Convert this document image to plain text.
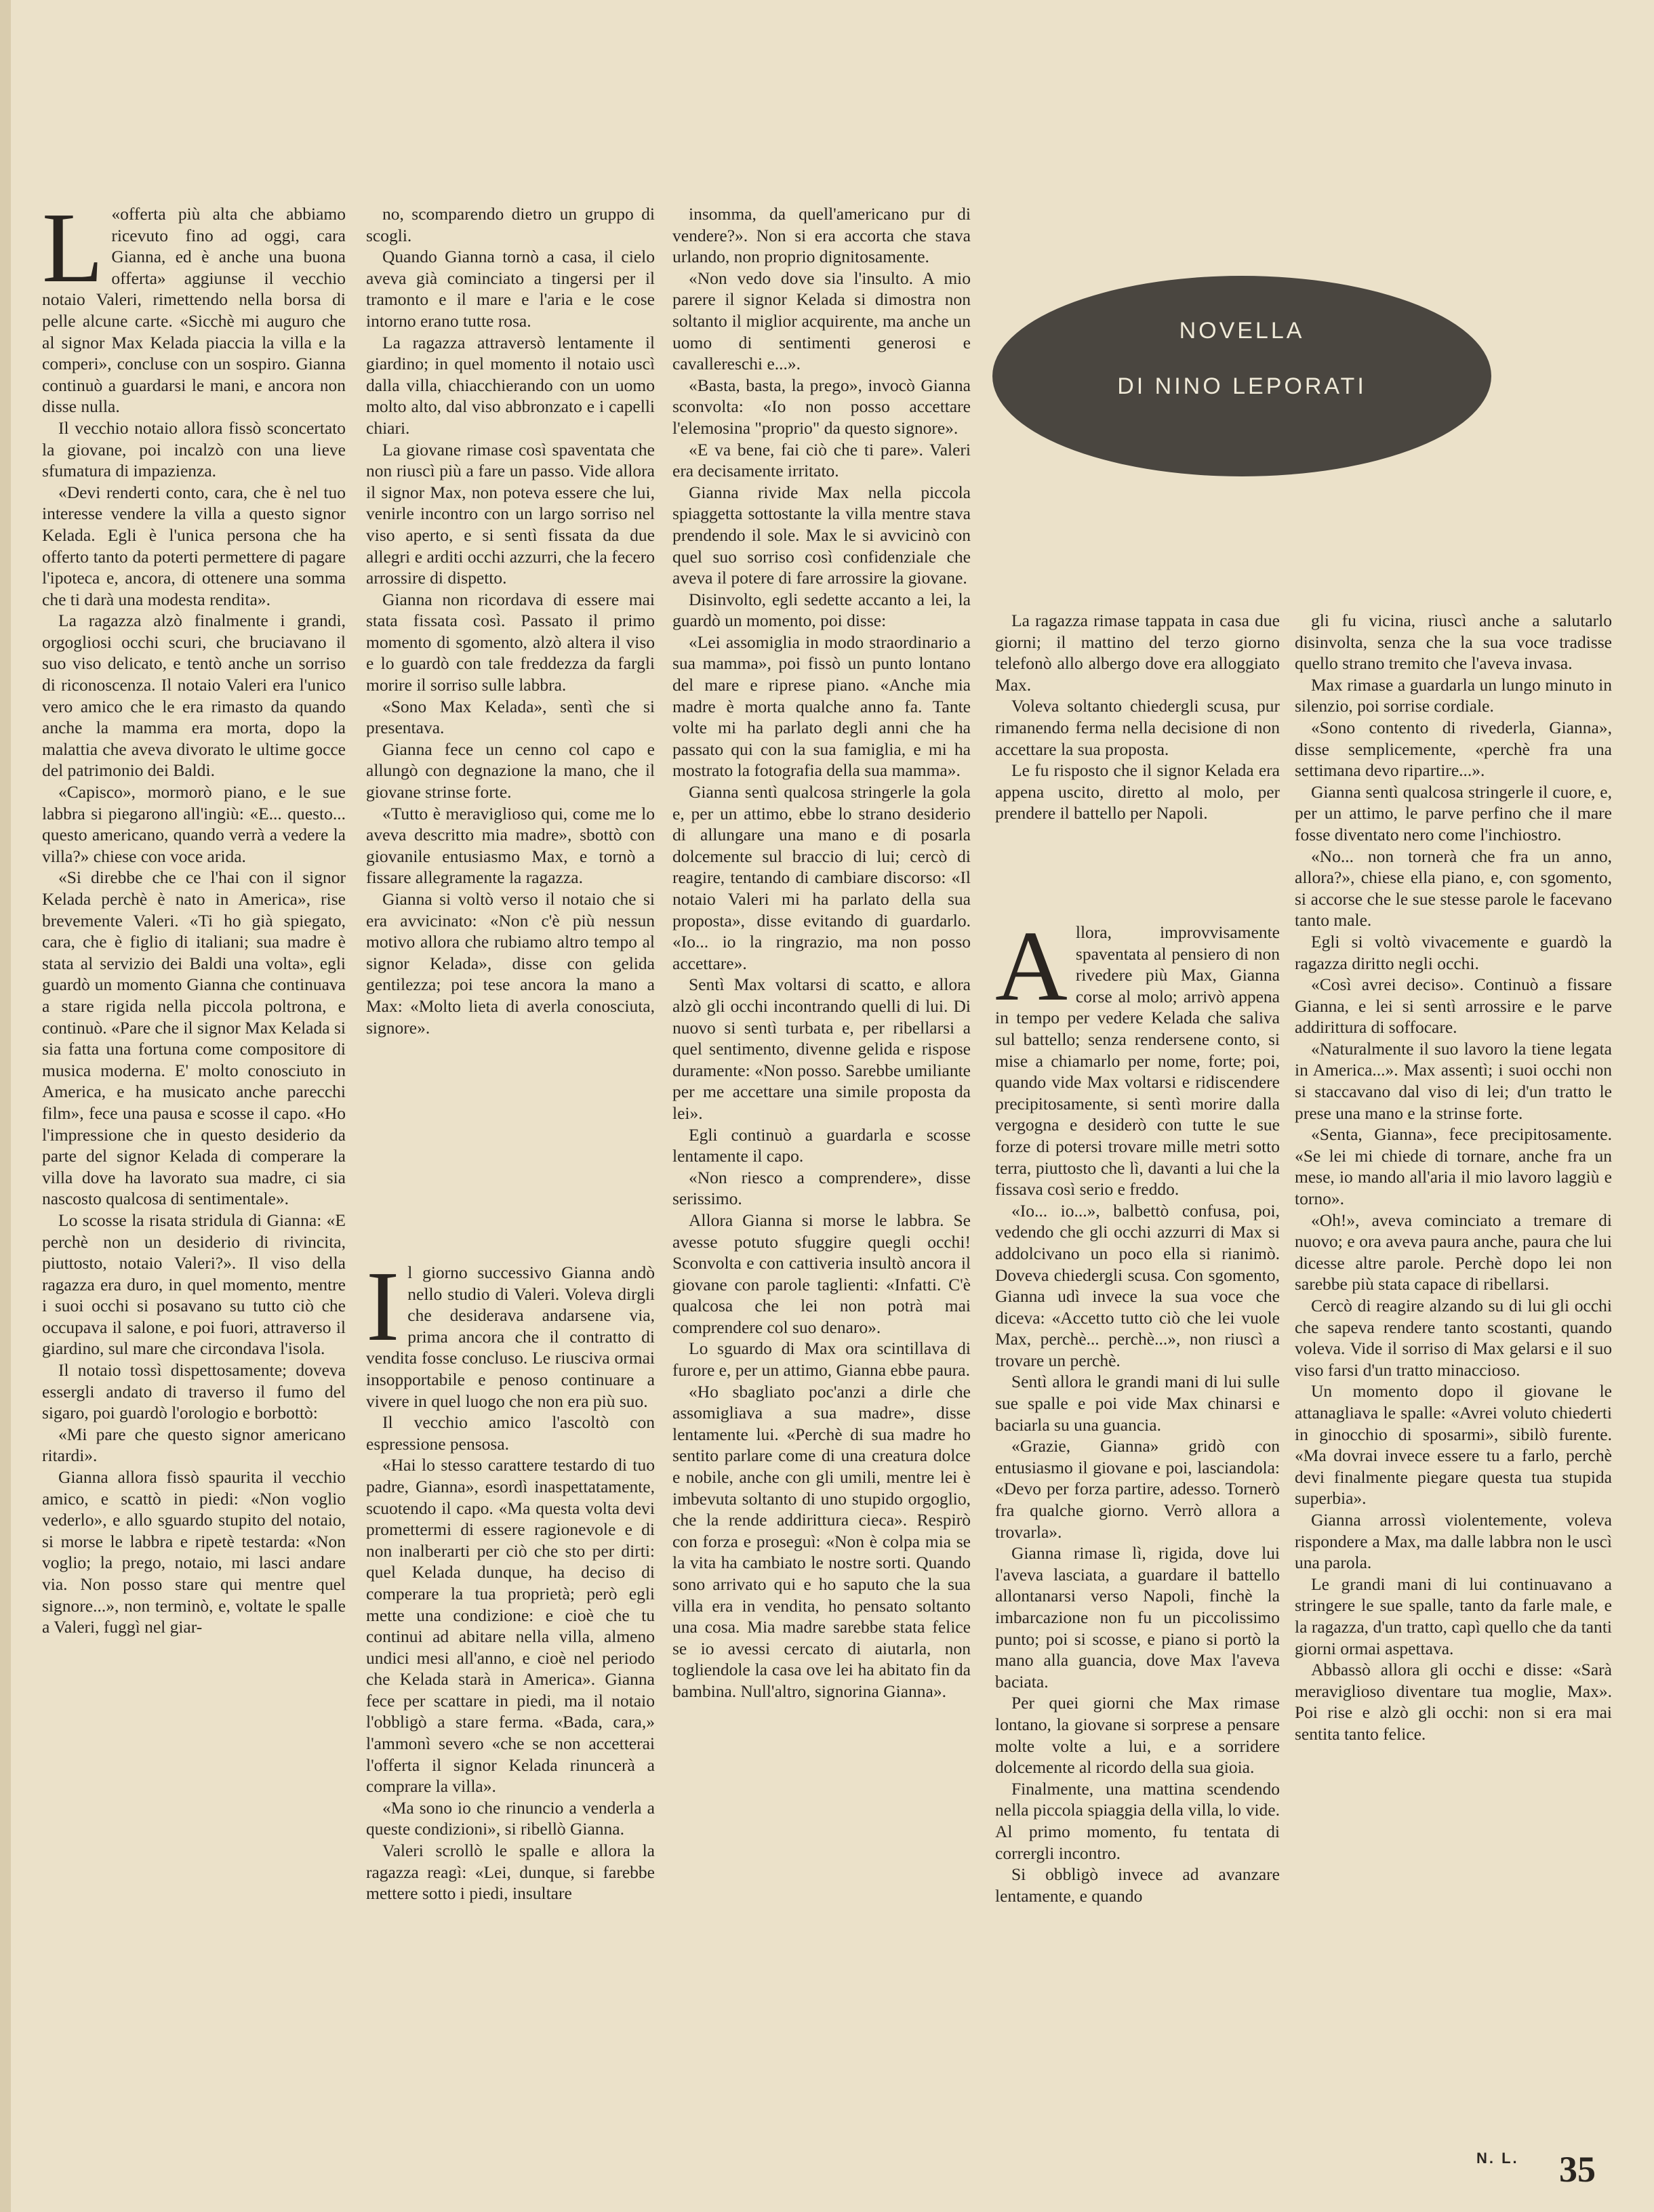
NOVELLA
DI NINO LEPORATI

L «offerta più alta che abbiamo ricevuto fino ad oggi, cara Gianna, ed è anche una buona offerta» aggiunse il vecchio notaio Valeri, rimettendo nella borsa di pelle alcune carte. «Sicchè mi auguro che al signor Max Kelada piaccia la villa e la comperi», concluse con un sospiro. Gianna continuò a guardarsi le mani, e ancora non disse nulla.

Il vecchio notaio allora fissò sconcertato la giovane, poi incalzò con una lieve sfumatura di impazienza.

«Devi renderti conto, cara, che è nel tuo interesse vendere la villa a questo signor Kelada. Egli è l'unica persona che ha offerto tanto da poterti permettere di pagare l'ipoteca e, ancora, di ottenere una somma che ti darà una modesta rendita».

La ragazza alzò finalmente i grandi, orgogliosi occhi scuri, che bruciavano il suo viso delicato, e tentò anche un sorriso di riconoscenza. Il notaio Valeri era l'unico vero amico che le era rimasto da quando anche la mamma era morta, dopo la malattia che aveva divorato le ultime gocce del patrimonio dei Baldi.

«Capisco», mormorò piano, e le sue labbra si piegarono all'ingiù: «E... questo... questo americano, quando verrà a vedere la villa?» chiese con voce arida.

«Si direbbe che ce l'hai con il signor Kelada perchè è nato in America», rise brevemente Valeri. «Ti ho già spiegato, cara, che è figlio di italiani; sua madre è stata al servizio dei Baldi una volta», egli guardò un momento Gianna che continuava a stare rigida nella piccola poltrona, e continuò. «Pare che il signor Max Kelada si sia fatta una fortuna come compositore di musica moderna. E' molto conosciuto in America, e ha musicato anche parecchi film», fece una pausa e scosse il capo. «Ho l'impressione che in questo desiderio da parte del signor Kelada di comperare la villa dove ha lavorato sua madre, ci sia nascosto qualcosa di sentimentale».

Lo scosse la risata stridula di Gianna: «E perchè non un desiderio di rivincita, piuttosto, notaio Valeri?». Il viso della ragazza era duro, in quel momento, mentre i suoi occhi si posavano su tutto ciò che occupava il salone, e poi fuori, attraverso il giardino, sul mare che circondava l'isola.

Il notaio tossì dispettosamente; doveva essergli andato di traverso il fumo del sigaro, poi guardò l'orologio e borbottò:

«Mi pare che questo signor americano ritardi».

Gianna allora fissò spaurita il vecchio amico, e scattò in piedi: «Non voglio vederlo», e allo sguardo stupito del notaio, si morse le labbra e ripetè testarda: «Non voglio; la prego, notaio, mi lasci andare via. Non posso stare qui mentre quel signore...», non terminò, e, voltate le spalle a Valeri, fuggì nel giar-

no, scomparendo dietro un gruppo di scogli.

Quando Gianna tornò a casa, il cielo aveva già cominciato a tingersi per il tramonto e il mare e l'aria e le cose intorno erano tutte rosa.

La ragazza attraversò lentamente il giardino; in quel momento il notaio uscì dalla villa, chiacchierando con un uomo molto alto, dal viso abbronzato e i capelli chiari.

La giovane rimase così spaventata che non riuscì più a fare un passo. Vide allora il signor Max, non poteva essere che lui, venirle incontro con un largo sorriso nel viso aperto, e si sentì fissata da due allegri e arditi occhi azzurri, che la fecero arrossire di dispetto.

Gianna non ricordava di essere mai stata fissata così. Passato il primo momento di sgomento, alzò altera il viso e lo guardò con tale freddezza da fargli morire il sorriso sulle labbra.

«Sono Max Kelada», sentì che si presentava.

Gianna fece un cenno col capo e allungò con degnazione la mano, che il giovane strinse forte.

«Tutto è meraviglioso qui, come me lo aveva descritto mia madre», sbottò con giovanile entusiasmo Max, e tornò a fissare allegramente la ragazza.

Gianna si voltò verso il notaio che si era avvicinato: «Non c'è più nessun motivo allora che rubiamo altro tempo al signor Kelada», disse con gelida gentilezza; poi tese ancora la mano a Max: «Molto lieta di averla conosciuta, signore».

Il giorno successivo Gianna andò nello studio di Valeri. Voleva dirgli che desiderava andarsene via, prima ancora che il contratto di vendita fosse concluso. Le riusciva ormai insopportabile e penoso continuare a vivere in quel luogo che non era più suo.

Il vecchio amico l'ascoltò con espressione pensosa.

«Hai lo stesso carattere testardo di tuo padre, Gianna», esordì inaspettatamente, scuotendo il capo. «Ma questa volta devi promettermi di essere ragionevole e di non inalberarti per ciò che sto per dirti: quel Kelada dunque, ha deciso di comperare la tua proprietà; però egli mette una condizione: e cioè che tu continui ad abitare nella villa, almeno undici mesi all'anno, e cioè nel periodo che Kelada starà in America». Gianna fece per scattare in piedi, ma il notaio l'obbligò a stare ferma. «Bada, cara,» l'ammonì severo «che se non accetterai l'offerta il signor Kelada rinuncerà a comprare la villa».

«Ma sono io che rinuncio a venderla a queste condizioni», si ribellò Gianna.

Valeri scrollò le spalle e allora la ragazza reagì: «Lei, dunque, si farebbe mettere sotto i piedi, insultare

insomma, da quell'americano pur di vendere?». Non si era accorta che stava urlando, non proprio dignitosamente.

«Non vedo dove sia l'insulto. A mio parere il signor Kelada si dimostra non soltanto il miglior acquirente, ma anche un uomo di sentimenti generosi e cavallereschi e...».

«Basta, basta, la prego», invocò Gianna sconvolta: «Io non posso accettare l'elemosina "proprio" da questo signore».

«E va bene, fai ciò che ti pare». Valeri era decisamente irritato.

Gianna rivide Max nella piccola spiaggetta sottostante la villa mentre stava prendendo il sole. Max le si avvicinò con quel suo sorriso così confidenziale che aveva il potere di fare arrossire la giovane.

Disinvolto, egli sedette accanto a lei, la guardò un momento, poi disse:

«Lei assomiglia in modo straordinario a sua mamma», poi fissò un punto lontano del mare e riprese piano. «Anche mia madre è morta qualche anno fa. Tante volte mi ha parlato degli anni che ha passato qui con la sua famiglia, e mi ha mostrato la fotografia della sua mamma».

Gianna sentì qualcosa stringerle la gola e, per un attimo, ebbe lo strano desiderio di allungare una mano e di posarla dolcemente sul braccio di lui; cercò di reagire, tentando di cambiare discorso: «Il notaio Valeri mi ha parlato della sua proposta», disse evitando di guardarlo. «Io... io la ringrazio, ma non posso accettare».

Sentì Max voltarsi di scatto, e allora alzò gli occhi incontrando quelli di lui. Di nuovo si sentì turbata e, per ribellarsi a quel sentimento, divenne gelida e rispose duramente: «Non posso. Sarebbe umiliante per me accettare una simile proposta da lei».

Egli continuò a guardarla e scosse lentamente il capo.

«Non riesco a comprendere», disse serissimo.

Allora Gianna si morse le labbra. Se avesse potuto sfuggire quegli occhi! Sconvolta e con cattiveria insultò ancora il giovane con parole taglienti: «Infatti. C'è qualcosa che lei non potrà mai comprendere col suo denaro».

Lo sguardo di Max ora scintillava di furore e, per un attimo, Gianna ebbe paura.

«Ho sbagliato poc'anzi a dirle che assomigliava a sua madre», disse lentamente lui. «Perchè di sua madre ho sentito parlare come di una creatura dolce e nobile, anche con gli umili, mentre lei è imbevuta soltanto di uno stupido orgoglio, che la rende addirittura cieca». Respirò con forza e proseguì: «Non è colpa mia se la vita ha cambiato le nostre sorti. Quando sono arrivato qui e ho saputo che la sua villa era in vendita, ho pensato soltanto una cosa. Mia madre sarebbe stata felice se io avessi cercato di aiutarla, non togliendole la casa ove lei ha abitato fin da bambina. Null'altro, signorina Gianna».

La ragazza rimase tappata in casa due giorni; il mattino del terzo giorno telefonò allo albergo dove era alloggiato Max.

Voleva soltanto chiedergli scusa, pur rimanendo ferma nella decisione di non accettare la sua proposta.

Le fu risposto che il signor Kelada era appena uscito, diretto al molo, per prendere il battello per Napoli.

Allora, improvvisamente spaventata al pensiero di non rivedere più Max, Gianna corse al molo; arrivò appena in tempo per vedere Kelada che saliva sul battello; senza rendersene conto, si mise a chiamarlo per nome, forte; poi, quando vide Max voltarsi e ridiscendere precipitosamente, si sentì morire dalla vergogna e desiderò con tutte le sue forze di potersi trovare mille metri sotto terra, piuttosto che lì, davanti a lui che la fissava così serio e freddo.

«Io... io...», balbettò confusa, poi, vedendo che gli occhi azzurri di Max si addolcivano un poco ella si rianimò. Doveva chiedergli scusa. Con sgomento, Gianna udì invece la sua voce che diceva: «Accetto tutto ciò che lei vuole Max, perchè... perchè...», non riuscì a trovare un perchè.

Sentì allora le grandi mani di lui sulle sue spalle e poi vide Max chinarsi e baciarla su una guancia.

«Grazie, Gianna» gridò con entusiasmo il giovane e poi, lasciandola: «Devo per forza partire, adesso. Tornerò fra qualche giorno. Verrò allora a trovarla».

Gianna rimase lì, rigida, dove lui l'aveva lasciata, a guardare il battello allontanarsi verso Napoli, finchè la imbarcazione non fu un piccolissimo punto; poi si scosse, e piano si portò la mano alla guancia, dove Max l'aveva baciata.

Per quei giorni che Max rimase lontano, la giovane si sorprese a pensare molte volte a lui, e a sorridere dolcemente al ricordo della sua gioia.

Finalmente, una mattina scendendo nella piccola spiaggia della villa, lo vide. Al primo momento, fu tentata di corrergli incontro.

Si obbligò invece ad avanzare lentamente, e quando

gli fu vicina, riuscì anche a salutarlo disinvolta, senza che la sua voce tradisse quello strano tremito che l'aveva invasa.

Max rimase a guardarla un lungo minuto in silenzio, poi sorrise cordiale.

«Sono contento di rivederla, Gianna», disse semplicemente, «perchè fra una settimana devo ripartire...».

Gianna sentì qualcosa stringerle il cuore, e, per un attimo, le parve perfino che il mare fosse diventato nero come l'inchiostro.

«No... non tornerà che fra un anno, allora?», chiese ella piano, e, con sgomento, si accorse che le sue stesse parole le facevano tanto male.

Egli si voltò vivacemente e guardò la ragazza diritto negli occhi.

«Così avrei deciso». Continuò a fissare Gianna, e lei si sentì arrossire e le parve addirittura di soffocare.

«Naturalmente il suo lavoro la tiene legata in America...». Max assentì; i suoi occhi non si staccavano dal viso di lei; d'un tratto le prese una mano e la strinse forte.

«Senta, Gianna», fece precipitosamente. «Se lei mi chiede di tornare, anche fra un mese, io mando all'aria il mio lavoro laggiù e torno».

«Oh!», aveva cominciato a tremare di nuovo; e ora aveva paura anche, paura che lui dicesse altre parole. Perchè dopo lei non sarebbe più stata capace di ribellarsi.

Cercò di reagire alzando su di lui gli occhi che sapeva rendere tanto scostanti, quando voleva. Vide il sorriso di Max gelarsi e il suo viso farsi d'un tratto minaccioso.

Un momento dopo il giovane le attanagliava le spalle: «Avrei voluto chiederti in ginocchio di sposarmi», sibilò furente. «Ma dovrai invece essere tu a farlo, perchè devi finalmente piegare questa tua stupida superbia».

Gianna arrossì violentemente, voleva rispondere a Max, ma dalle labbra non le uscì una parola.

Le grandi mani di lui continuavano a stringere le sue spalle, tanto da farle male, e la ragazza, d'un tratto, capì quello che da tanti giorni ormai aspettava.

Abbassò allora gli occhi e disse: «Sarà meraviglioso diventare tua moglie, Max». Poi rise e alzò gli occhi: non si era mai sentita tanto felice.

N. L. 35
